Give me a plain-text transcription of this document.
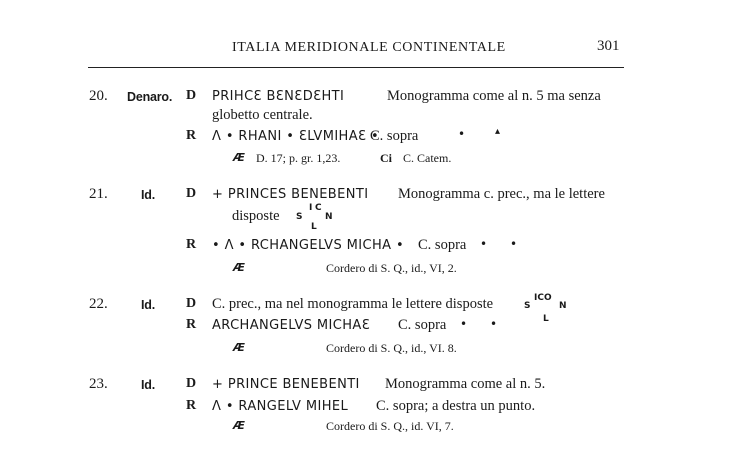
ITALIA MERIDIONALE CONTINENTALE	301
20. Denaro. D PRIHCƐ BƐNƐDƐHTI	Monogramma come al n. 5 ma senza
globetto centrale.
R Λ • RHANI • ƐLVMIHAƐ •
C. sopra	•	▴
Æ D. 17; p. gr. 1,23.	Ci C. Catem.
21.	Id. D + PRINCES BENEBENTI Monogramma c. prec., ma le lettere
disposte S
I C
N
L
R • Λ • RCHANGELVS MICHA • C. sopra • •
Æ	Cordero di S. Q., id., VI, 2.
22.	Id. D C. prec., ma nel monogramma le lettere disposte	S
ICO
N
L
R ARCHANGELVS MICHAƐ C. sopra • •
Æ	Cordero di S. Q., id., VI. 8.
23.	Id. D + PRINCE BENEBENTI Monogramma come al n. 5.
R Λ • RANGELV MIHEL C. sopra; a destra un punto.
Æ	Cordero di S. Q., id. VI, 7.
